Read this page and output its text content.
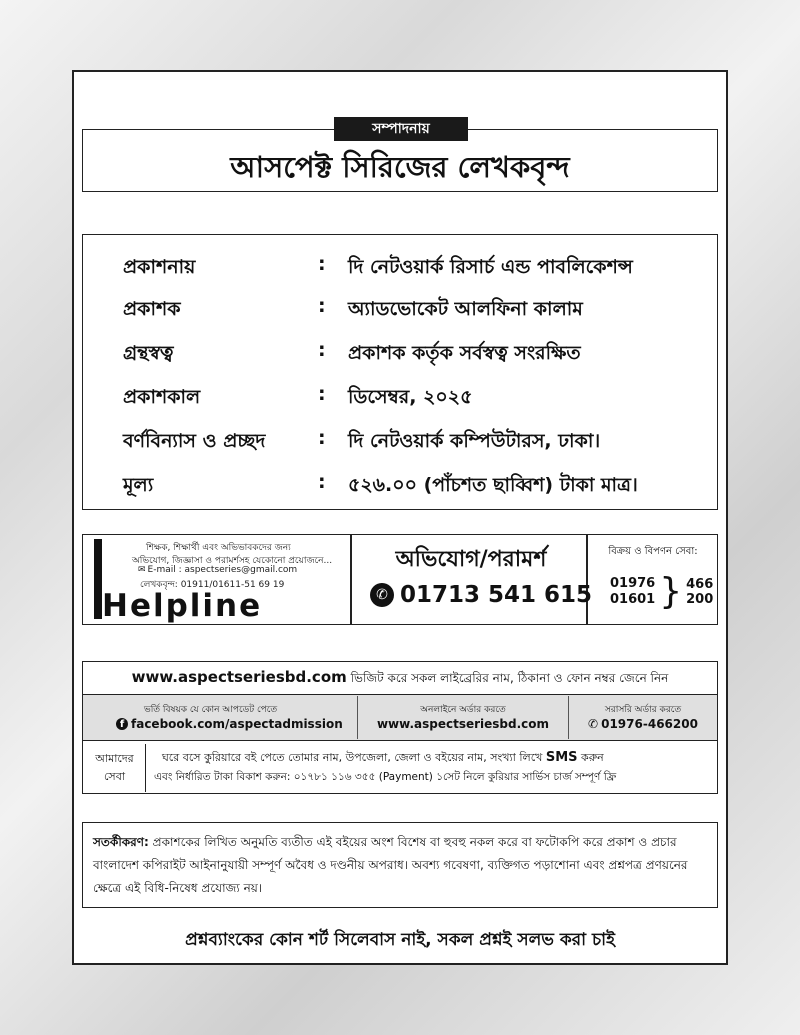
সম্পাদনায়
আসপেক্ট সিরিজের লেখকবৃন্দ
প্রকাশনায়	: দি নেটওয়ার্ক রিসার্চ এন্ড পাবলিকেশন্স
প্রকাশক	: অ্যাডভোকেট আলফিনা কালাম
গ্রন্থস্বত্ব	: প্রকাশক কর্তৃক সর্বস্বত্ব সংরক্ষিত
প্রকাশকাল	: ডিসেম্বর, ২০২৫
বর্ণবিন্যাস ও প্রচ্ছদ	: দি নেটওয়ার্ক কম্পিউটারস, ঢাকা।
মূল্য	: ৫২৬.০০ (পাঁচশত ছাব্বিশ) টাকা মাত্র।
শিক্ষক, শিক্ষার্থী এবং অভিভাবকদের জন্য
অভিযোগ, জিজ্ঞাসা ও পরামর্শসহ যেকোনো প্রয়োজনে...
✉ E-mail : aspectseries@gmail.com
লেখকবৃন্দ: 01911/01611-51 69 19
Helpline
অভিযোগ/পরামর্শ
✆ 01713 541 615
বিক্রয় ও বিপণন সেবা:
01976
01601 } 466 200
www.aspectseriesbd.com ভিজিট করে সকল লাইব্রেরির নাম, ঠিকানা ও ফোন নম্বর জেনে নিন
ভর্তি বিষয়ক যে কোন আপডেট পেতে
f facebook.com/aspectadmission
অনলাইনে অর্ডার করতে
www.aspectseriesbd.com
সরাসরি অর্ডার করতে
✆ 01976-466200
আমাদের
সেবা
ঘরে বসে কুরিয়ারে বই পেতে তোমার নাম, উপজেলা, জেলা ও বইয়ের নাম, সংখ্যা লিখে SMS করুন
এবং নির্ধারিত টাকা বিকাশ করুন: ০১৭৮১ ১১৬ ৩৫৫ (Payment) ১সেট নিলে কুরিয়ার সার্ভিস চার্জ সম্পূর্ণ ফ্রি
সতর্কীকরণ: প্রকাশকের লিখিত অনুমতি ব্যতীত এই বইয়ের অংশ বিশেষ বা হুবহু নকল করে বা ফটোকপি করে প্রকাশ ও প্রচার বাংলাদেশ কপিরাইট আইনানুযায়ী সম্পূর্ণ অবৈধ ও দণ্ডনীয় অপরাধ। অবশ্য গবেষণা, ব্যক্তিগত পড়াশোনা এবং প্রশ্নপত্র প্রণয়নের ক্ষেত্রে এই বিধি-নিষেধ প্রযোজ্য নয়।
প্রশ্নব্যাংকের কোন শর্ট সিলেবাস নাই, সকল প্রশ্নই সলভ করা চাই
